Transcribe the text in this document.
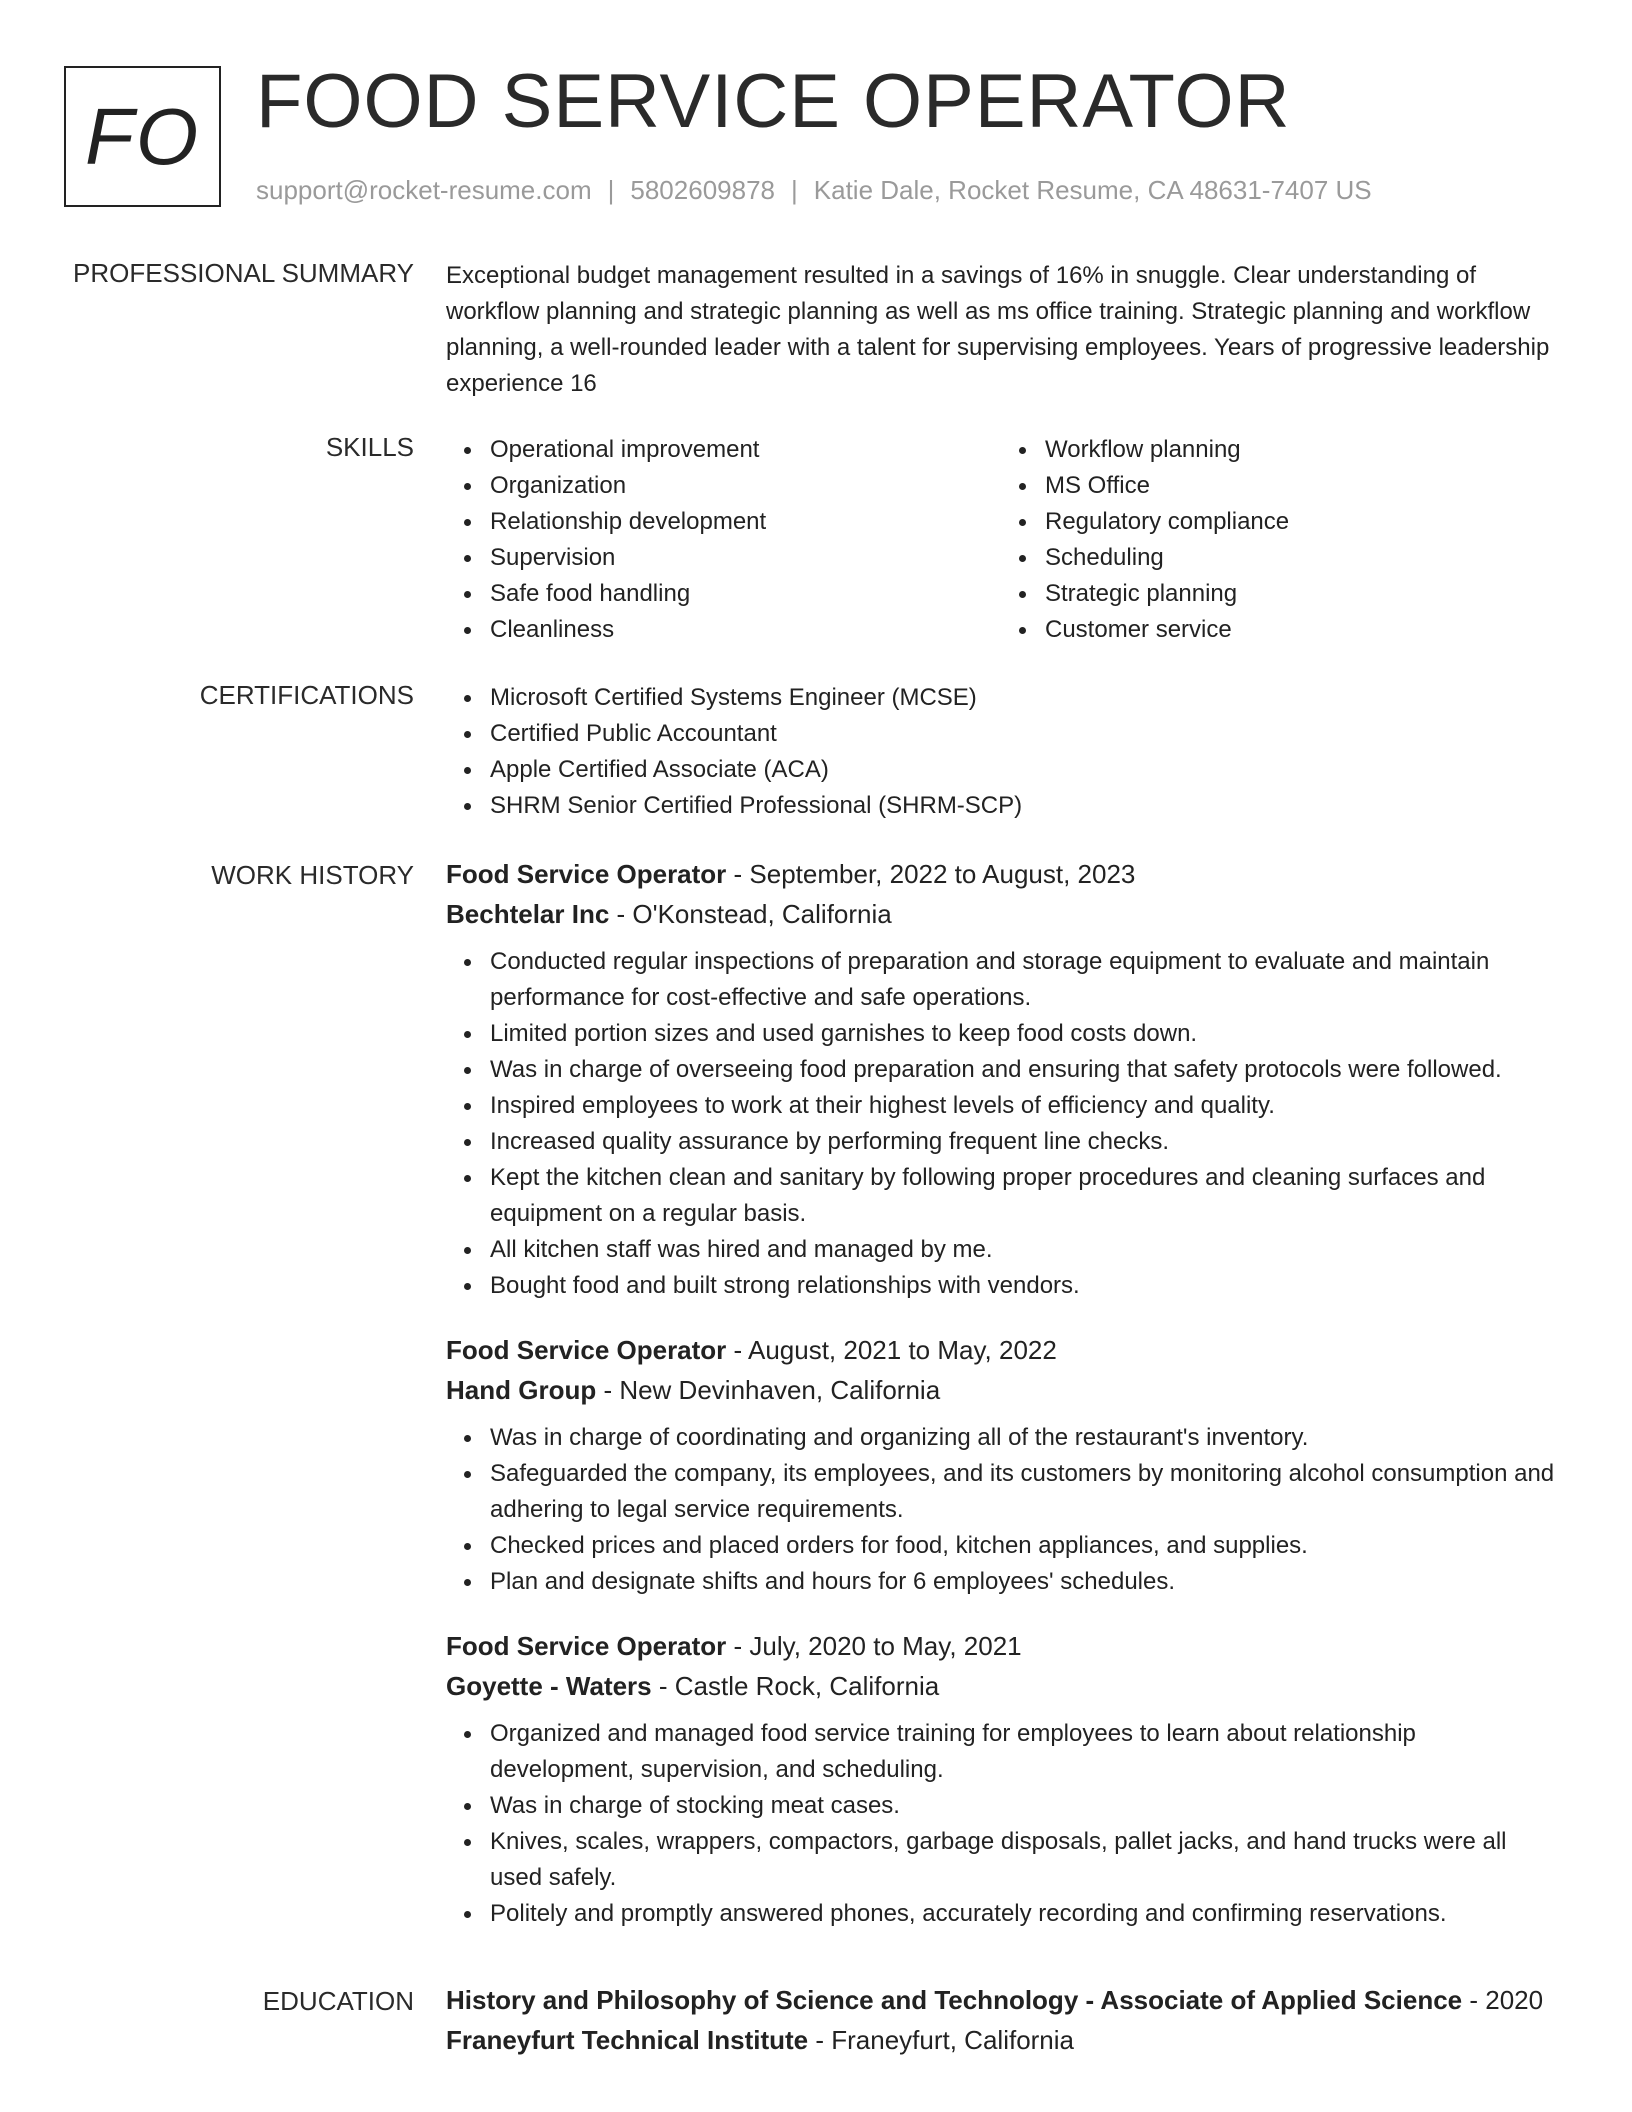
FO FOOD SERVICE OPERATOR
support@rocket-resume.com | 5802609878 | Katie Dale, Rocket Resume, CA 48631-7407 US
PROFESSIONAL SUMMARY Exceptional budget management resulted in a savings of 16% in snuggle. Clear understanding of workflow planning and strategic planning as well as ms office training. Strategic planning and workflow planning, a well-rounded leader with a talent for supervising employees. Years of progressive leadership experience 16
SKILLS	Operational improvement
Organization
Relationship development
Supervision
Safe food handling
Cleanliness
Workflow planning
MS Office
Regulatory compliance
Scheduling
Strategic planning
Customer service
CERTIFICATIONS	Microsoft Certified Systems Engineer (MCSE)
Certified Public Accountant
Apple Certified Associate (ACA)
SHRM Senior Certified Professional (SHRM-SCP)
WORK HISTORY Food Service Operator - September, 2022 to August, 2023
Bechtelar Inc - O'Konstead, California
Conducted regular inspections of preparation and storage equipment to evaluate and maintain performance for cost-effective and safe operations.
Limited portion sizes and used garnishes to keep food costs down.
Was in charge of overseeing food preparation and ensuring that safety protocols were followed.
Inspired employees to work at their highest levels of efficiency and quality.
Increased quality assurance by performing frequent line checks.
Kept the kitchen clean and sanitary by following proper procedures and cleaning surfaces and equipment on a regular basis.
All kitchen staff was hired and managed by me.
Bought food and built strong relationships with vendors.
Food Service Operator - August, 2021 to May, 2022
Hand Group - New Devinhaven, California
Was in charge of coordinating and organizing all of the restaurant's inventory.
Safeguarded the company, its employees, and its customers by monitoring alcohol consumption and adhering to legal service requirements.
Checked prices and placed orders for food, kitchen appliances, and supplies.
Plan and designate shifts and hours for 6 employees' schedules.
Food Service Operator - July, 2020 to May, 2021
Goyette - Waters - Castle Rock, California
Organized and managed food service training for employees to learn about relationship development, supervision, and scheduling.
Was in charge of stocking meat cases.
Knives, scales, wrappers, compactors, garbage disposals, pallet jacks, and hand trucks were all used safely.
Politely and promptly answered phones, accurately recording and confirming reservations.
EDUCATION History and Philosophy of Science and Technology - Associate of Applied Science - 2020
Franeyfurt Technical Institute - Franeyfurt, California
